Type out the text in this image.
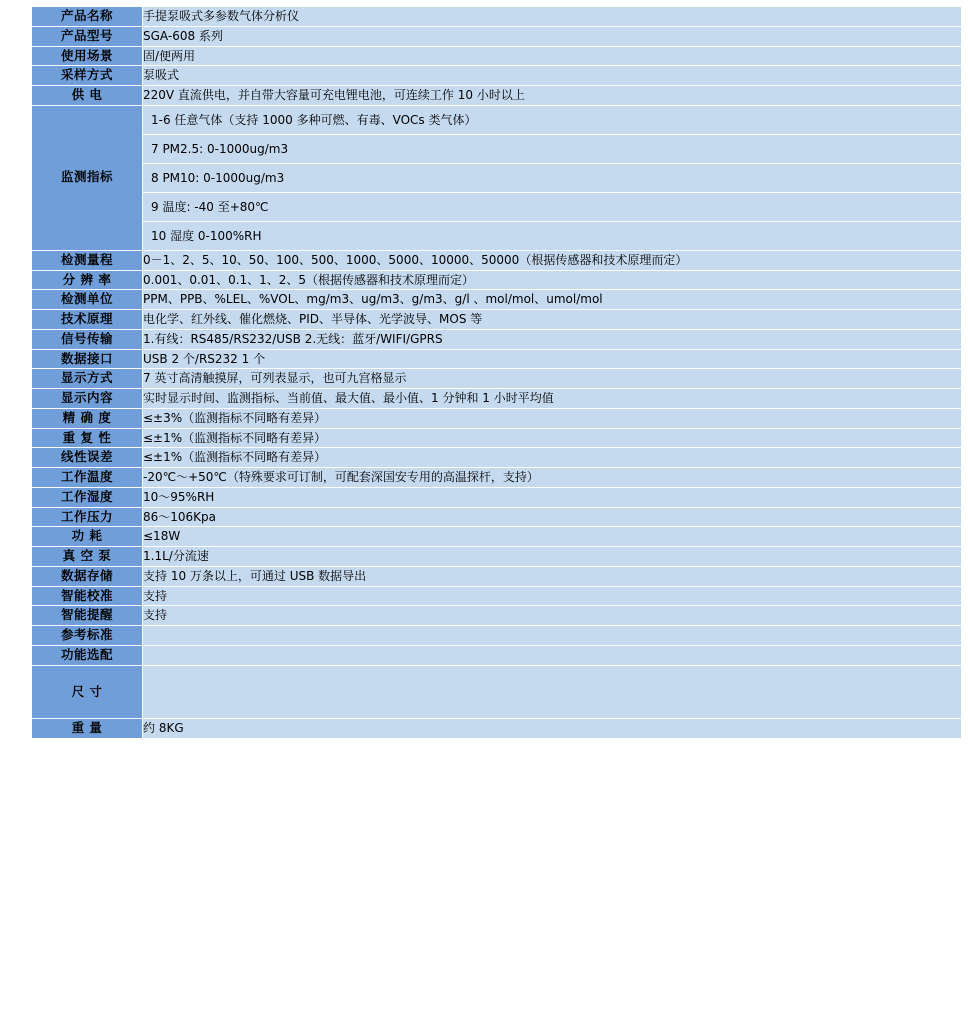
产品名称	手提泵吸式多参数气体分析仪
产品型号	SGA-608 系列
使用场景	固/便两用
采样方式	泵吸式
供 电	220V 直流供电，并自带大容量可充电锂电池，可连续工作 10 小时以上
监测指标	1-6 任意气体（支持 1000 多种可燃、有毒、VOCs 类气体）
7 PM2.5: 0-1000ug/m3
8 PM10: 0-1000ug/m3
9 温度: -40 至+80℃
10 湿度 0-100%RH

检测量程	0－1、2、5、10、50、100、500、1000、5000、10000、50000（根据传感器和技术原理而定）
分 辨 率	0.001、0.01、0.1、1、2、5（根据传感器和技术原理而定）
检测单位	PPM、PPB、%LEL、%VOL、mg/m3、ug/m3、g/m3、g/l 、mol/mol、umol/mol
技术原理	电化学、红外线、催化燃烧、PID、半导体、光学波导、MOS 等
信号传输	1.有线：RS485/RS232/USB 2.无线：蓝牙/WIFI/GPRS
数据接口	USB 2 个/RS232 1 个
显示方式	7 英寸高清触摸屏，可列表显示，也可九宫格显示
显示内容	实时显示时间、监测指标、当前值、最大值、最小值、1 分钟和 1 小时平均值
精 确 度	≤±3%（监测指标不同略有差异）
重 复 性	≤±1%（监测指标不同略有差异）
线性误差	≤±1%（监测指标不同略有差异）
工作温度	-20℃～+50℃（特殊要求可订制，可配套深国安专用的高温探杆，支持）
工作湿度	10～95%RH
工作压力	86～106Kpa
功 耗	≤18W
真 空 泵	1.1L/分流速
数据存储	支持 10 万条以上，可通过 USB 数据导出
智能校准	支持
智能提醒	支持
参考标准	
功能选配	

尺 寸	

重 量	约 8KG
